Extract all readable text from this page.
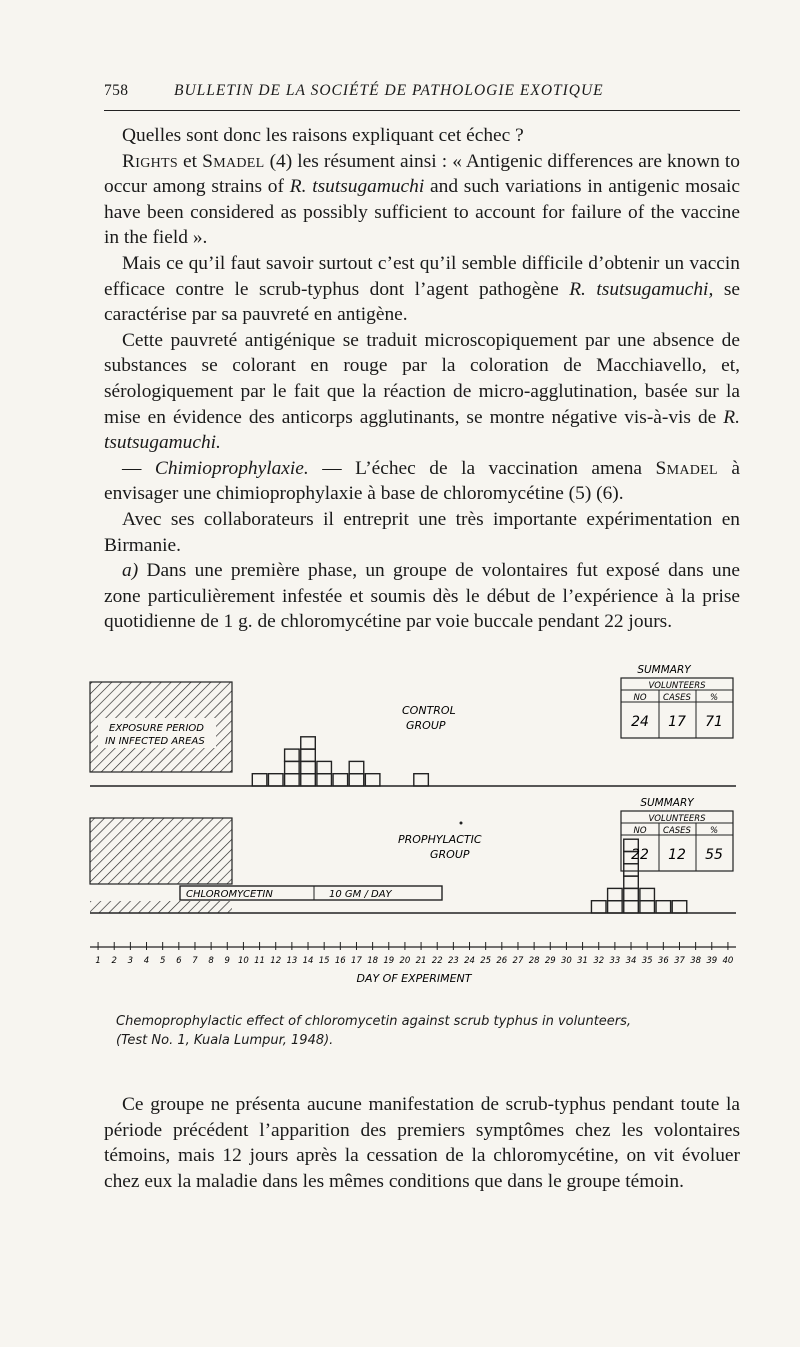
758	BULLETIN DE LA SOCIÉTÉ DE PATHOLOGIE EXOTIQUE

Quelles sont donc les raisons expliquant cet échec ?

Rights et Smadel (4) les résument ainsi : « Antigenic differences are known to occur among strains of R. tsutsugamuchi and such variations in antigenic mosaic have been considered as possibly sufficient to account for failure of the vaccine in the field ».

Mais ce qu’il faut savoir surtout c’est qu’il semble difficile d’obtenir un vaccin efficace contre le scrub-typhus dont l’agent pathogène R. tsutsugamuchi, se caractérise par sa pauvreté en antigène.

Cette pauvreté antigénique se traduit microscopiquement par une absence de substances se colorant en rouge par la coloration de Macchiavello, et, sérologiquement par le fait que la réaction de micro-agglutination, basée sur la mise en évidence des anticorps agglutinants, se montre négative vis-à-vis de R. tsutsugamuchi.

— Chimioprophylaxie. — L’échec de la vaccination amena Smadel à envisager une chimioprophylaxie à base de chloromycétine (5) (6).

Avec ses collaborateurs il entreprit une très importante expérimentation en Birmanie.

a) Dans une première phase, un groupe de volontaires fut exposé dans une zone particulièrement infestée et soumis dès le début de l’expérience à la prise quotidienne de 1 g. de chloromycétine par voie buccale pendant 22 jours.

EXPOSURE PERIOD
IN INFECTED AREAS
CONTROL
GROUP
SUMMARY
VOLUNTEERS
NO CASES %
24 17 71
CHLOROMYCETIN	10 GM / DAY
PROPHYLACTIC
GROUP
SUMMARY
VOLUNTEERS
NO CASES %
22 12 55
1 2 3 4 5 6 7 8 9 10 11 12 13 14 15 16 17 18 19 20 21 22 23 24 25 26 27 28 29 30 31 32 33 34 35 36 37 38 39 40
DAY OF EXPERIMENT
Chemoprophylactic effect of chloromycetin against scrub typhus in volunteers,
(Test No. 1, Kuala Lumpur, 1948).

Ce groupe ne présenta aucune manifestation de scrub-typhus pendant toute la période précédent l’apparition des premiers symptômes chez les volontaires témoins, mais 12 jours après la cessation de la chloromycétine, on vit évoluer chez eux la maladie dans les mêmes conditions que dans le groupe témoin.
